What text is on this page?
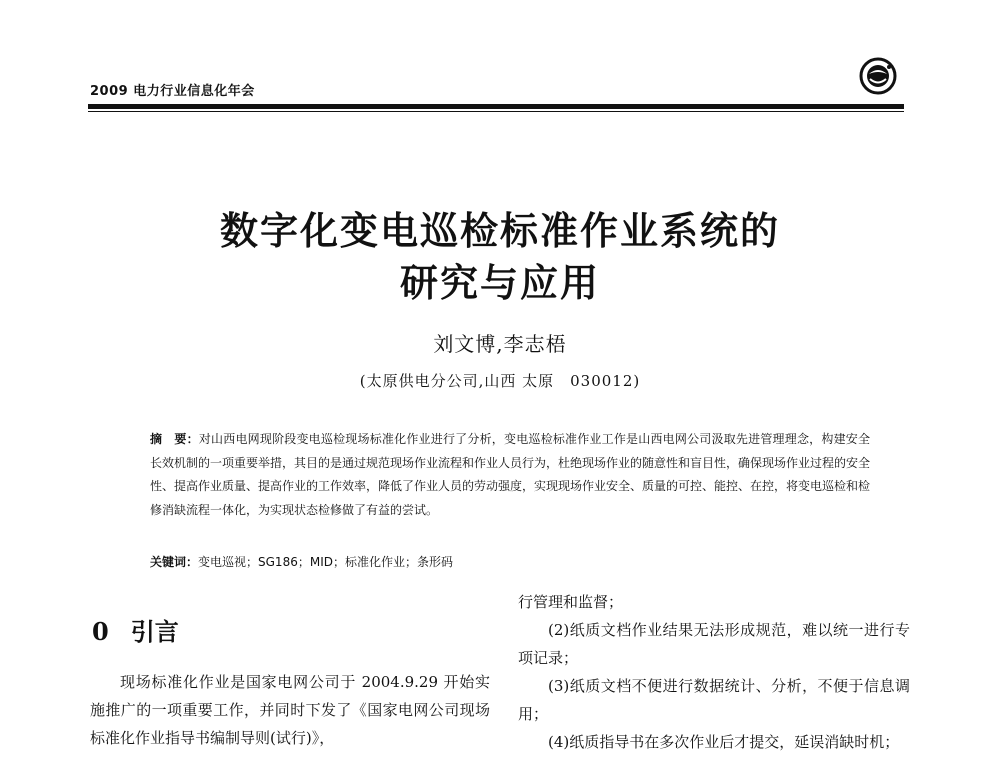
2009 电力行业信息化年会
数字化变电巡检标准作业系统的
研究与应用
刘文博,李志梧
(太原供电分公司,山西 太原　030012)
摘　要：对山西电网现阶段变电巡检现场标准化作业进行了分析，变电巡检标准作业工作是山西电网公司汲取先进管理理念，构建安全长效机制的一项重要举措，其目的是通过规范现场作业流程和作业人员行为，杜绝现场作业的随意性和盲目性，确保现场作业过程的安全性、提高作业质量、提高作业的工作效率，降低了作业人员的劳动强度，实现现场作业安全、质量的可控、能控、在控，将变电巡检和检修消缺流程一体化，为实现状态检修做了有益的尝试。
关键词：变电巡视；SG186；MID；标准化作业；条形码
0 引言

现场标准化作业是国家电网公司于 2004.9.29 开始实施推广的一项重要工作，并同时下发了《国家电网公司现场标准化作业指导书编制导则(试行)》，

行管理和监督；

(2)纸质文档作业结果无法形成规范，难以统一进行专项记录；

(3)纸质文档不便进行数据统计、分析，不便于信息调用；

(4)纸质指导书在多次作业后才提交，延误消缺时机；
